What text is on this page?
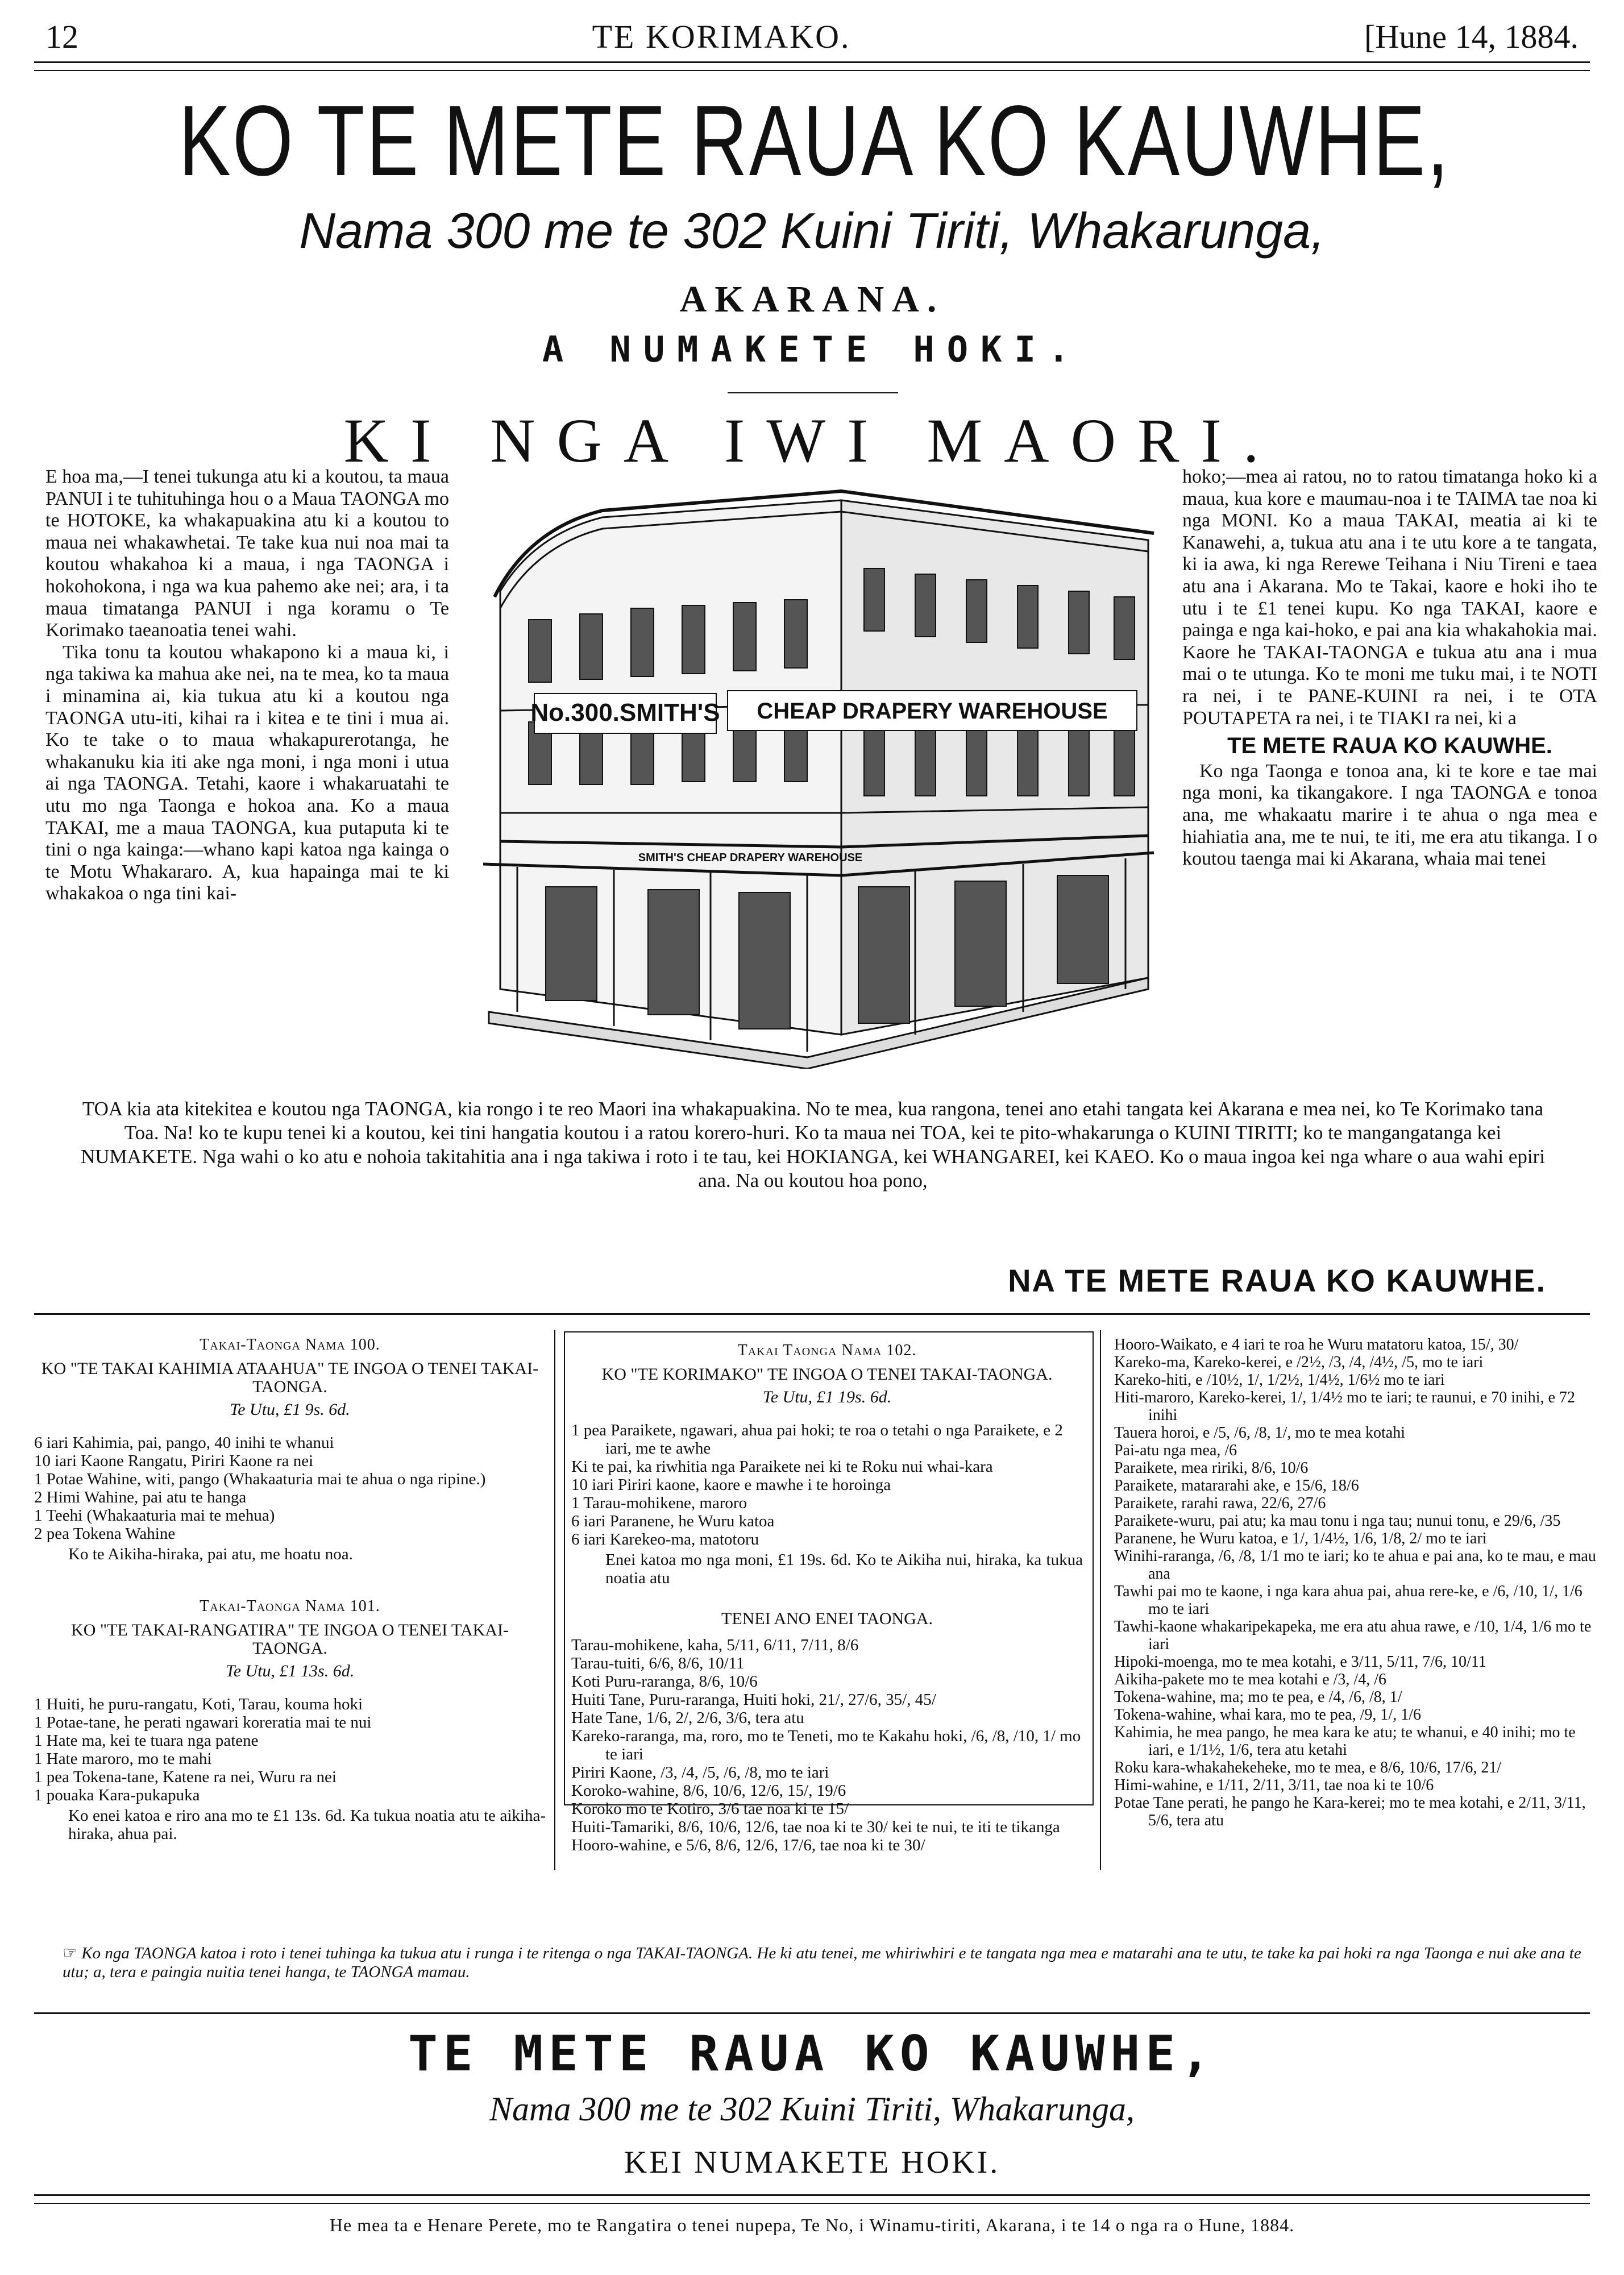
12	TE KORIMAKO.	[Hune 14, 1884.
KO TE METE RAUA KO KAUWHE,
Nama 300 me te 302 Kuini Tiriti, Whakarunga,
AKARANA.
A NUMAKETE HOKI.
KI NGA IWI MAORI.

E hoa ma,—I tenei tukunga atu ki a koutou, ta maua PANUI i te tuhituhinga hou o a Maua TAONGA mo te HOTOKE, ka whakapuakina atu ki a koutou to maua nei whakawhetai. Te take kua nui noa mai ta koutou whakahoa ki a maua, i nga TAONGA i hokohokona, i nga wa kua pahemo ake nei; ara, i ta maua timatanga PANUI i nga koramu o Te Korimako taeanoatia tenei wahi.

Tika tonu ta koutou whakapono ki a maua ki, i nga takiwa ka mahua ake nei, na te mea, ko ta maua i minamina ai, kia tukua atu ki a koutou nga TAONGA utu-iti, kihai ra i kitea e te tini i mua ai. Ko te take o to maua whakapurerotanga, he whakanuku kia iti ake nga moni, i nga moni i utua ai nga TAONGA. Tetahi, kaore i whakaruatahi te utu mo nga Taonga e hokoa ana. Ko a maua TAKAI, me a maua TAONGA, kua putaputa ki te tini o nga kainga:—whano kapi katoa nga kainga o te Motu Whakararo. A, kua hapainga mai te ki whakakoa o nga tini kai-

No.300.SMITH'S CHEAP DRAPERY WAREHOUSE
SMITH'S CHEAP DRAPERY WAREHOUSE

hoko;—mea ai ratou, no to ratou timatanga hoko ki a maua, kua kore e maumau-noa i te TAIMA tae noa ki nga MONI. Ko a maua TAKAI, meatia ai ki te Kanawehi, a, tukua atu ana i te utu kore a te tangata, ki ia awa, ki nga Rerewe Teihana i Niu Tireni e taea atu ana i Akarana. Mo te Takai, kaore e hoki iho te utu i te £1 tenei kupu. Ko nga TAKAI, kaore e painga e nga kai-hoko, e pai ana kia whakahokia mai. Kaore he TAKAI-TAONGA e tukua atu ana i mua mai o te utunga. Ko te moni me tuku mai, i te NOTI ra nei, i te PANE-KUINI ra nei, i te OTA POUTAPETA ra nei, i te TIAKI ra nei, ki a

TE METE RAUA KO KAUWHE.

Ko nga Taonga e tonoa ana, ki te kore e tae mai nga moni, ka tikangakore. I nga TAONGA e tonoa ana, me whakaatu marire i te ahua o nga mea e hiahiatia ana, me te nui, te iti, me era atu tikanga. I o koutou taenga mai ki Akarana, whaia mai tenei

TOA kia ata kitekitea e koutou nga TAONGA, kia rongo i te reo Maori ina whakapuakina. No te mea, kua rangona, tenei ano etahi tangata kei Akarana e mea nei, ko Te Korimako tana Toa. Na! ko te kupu tenei ki a koutou, kei tini hangatia koutou i a ratou korero-huri. Ko ta maua nei TOA, kei te pito-whakarunga o KUINI TIRITI; ko te mangangatanga kei NUMAKETE. Nga wahi o ko atu e nohoia takitahitia ana i nga takiwa i roto i te tau, kei HOKIANGA, kei WHANGAREI, kei KAEO. Ko o maua ingoa kei nga whare o aua wahi epiri ana. Na ou koutou hoa pono,

NA TE METE RAUA KO KAUWHE.
Takai-Taonga Nama 100.
KO "TE TAKAI KAHIMIA ATAAHUA" TE INGOA O TENEI TAKAI-TAONGA.
Te Utu, £1 9s. 6d.
6 iari Kahimia, pai, pango, 40 inihi te whanui
10 iari Kaone Rangatu, Piriri Kaone ra nei
1 Potae Wahine, witi, pango (Whakaaturia mai te ahua o nga ripine.)
2 Himi Wahine, pai atu te hanga
1 Teehi (Whakaaturia mai te mehua)
2 pea Tokena Wahine
Ko te Aikiha-hiraka, pai atu, me hoatu noa.
Takai-Taonga Nama 101.
KO "TE TAKAI-RANGATIRA" TE INGOA O TENEI TAKAI-TAONGA.
Te Utu, £1 13s. 6d.
1 Huiti, he puru-rangatu, Koti, Tarau, kouma hoki
1 Potae-tane, he perati ngawari koreratia mai te nui
1 Hate ma, kei te tuara nga patene
1 Hate maroro, mo te mahi
1 pea Tokena-tane, Katene ra nei, Wuru ra nei
1 pouaka Kara-pukapuka
Ko enei katoa e riro ana mo te £1 13s. 6d. Ka tukua noatia atu te aikiha-hiraka, ahua pai.
Takai Taonga Nama 102.
KO "TE KORIMAKO" TE INGOA O TENEI TAKAI-TAONGA.
Te Utu, £1 19s. 6d.
1 pea Paraikete, ngawari, ahua pai hoki; te roa o tetahi o nga Paraikete, e 2 iari, me te awhe
Ki te pai, ka riwhitia nga Paraikete nei ki te Roku nui whai-kara
10 iari Piriri kaone, kaore e mawhe i te horoinga
1 Tarau-mohikene, maroro
6 iari Paranene, he Wuru katoa
6 iari Karekeo-ma, matotoru
Enei katoa mo nga moni, £1 19s. 6d. Ko te Aikiha nui, hiraka, ka tukua noatia atu
TENEI ANO ENEI TAONGA.
Tarau-mohikene, kaha, 5/11, 6/11, 7/11, 8/6
Tarau-tuiti, 6/6, 8/6, 10/11
Koti Puru-raranga, 8/6, 10/6
Huiti Tane, Puru-raranga, Huiti hoki, 21/, 27/6, 35/, 45/
Hate Tane, 1/6, 2/, 2/6, 3/6, tera atu
Kareko-raranga, ma, roro, mo te Teneti, mo te Kakahu hoki, /6, /8, /10, 1/ mo te iari
Piriri Kaone, /3, /4, /5, /6, /8, mo te iari
Koroko-wahine, 8/6, 10/6, 12/6, 15/, 19/6
Koroko mo te Kotiro, 3/6 tae noa ki te 15/
Huiti-Tamariki, 8/6, 10/6, 12/6, tae noa ki te 30/ kei te nui, te iti te tikanga
Hooro-wahine, e 5/6, 8/6, 12/6, 17/6, tae noa ki te 30/
Hooro-Waikato, e 4 iari te roa he Wuru matatoru katoa, 15/, 30/
Kareko-ma, Kareko-kerei, e /2½, /3, /4, /4½, /5, mo te iari
Kareko-hiti, e /10½, 1/, 1/2½, 1/4½, 1/6½ mo te iari
Hiti-maroro, Kareko-kerei, 1/, 1/4½ mo te iari; te raunui, e 70 inihi, e 72 inihi
Tauera horoi, e /5, /6, /8, 1/, mo te mea kotahi
Pai-atu nga mea, /6
Paraikete, mea ririki, 8/6, 10/6
Paraikete, matararahi ake, e 15/6, 18/6
Paraikete, rarahi rawa, 22/6, 27/6
Paraikete-wuru, pai atu; ka mau tonu i nga tau; nunui tonu, e 29/6, /35
Paranene, he Wuru katoa, e 1/, 1/4½, 1/6, 1/8, 2/ mo te iari
Winihi-raranga, /6, /8, 1/1 mo te iari; ko te ahua e pai ana, ko te mau, e mau ana
Tawhi pai mo te kaone, i nga kara ahua pai, ahua rere-ke, e /6, /10, 1/, 1/6 mo te iari
Tawhi-kaone whakaripekapeka, me era atu ahua rawe, e /10, 1/4, 1/6 mo te iari
Hipoki-moenga, mo te mea kotahi, e 3/11, 5/11, 7/6, 10/11
Aikiha-pakete mo te mea kotahi e /3, /4, /6
Tokena-wahine, ma; mo te pea, e /4, /6, /8, 1/
Tokena-wahine, whai kara, mo te pea, /9, 1/, 1/6
Kahimia, he mea pango, he mea kara ke atu; te whanui, e 40 inihi; mo te iari, e 1/1½, 1/6, tera atu ketahi
Roku kara-whakahekeheke, mo te mea, e 8/6, 10/6, 17/6, 21/
Himi-wahine, e 1/11, 2/11, 3/11, tae noa ki te 10/6
Potae Tane perati, he pango he Kara-kerei; mo te mea kotahi, e 2/11, 3/11, 5/6, tera atu

☞ Ko nga TAONGA katoa i roto i tenei tuhinga ka tukua atu i runga i te ritenga o nga TAKAI-TAONGA. He ki atu tenei, me whiriwhiri e te tangata nga mea e matarahi ana te utu, te take ka pai hoki ra nga Taonga e nui ake ana te utu; a, tera e paingia nuitia tenei hanga, te TAONGA mamau.

TE METE RAUA KO KAUWHE,
Nama 300 me te 302 Kuini Tiriti, Whakarunga,
KEI NUMAKETE HOKI.
He mea ta e Henare Perete, mo te Rangatira o tenei nupepa, Te No, i Winamu-tiriti, Akarana, i te 14 o nga ra o Hune, 1884.
